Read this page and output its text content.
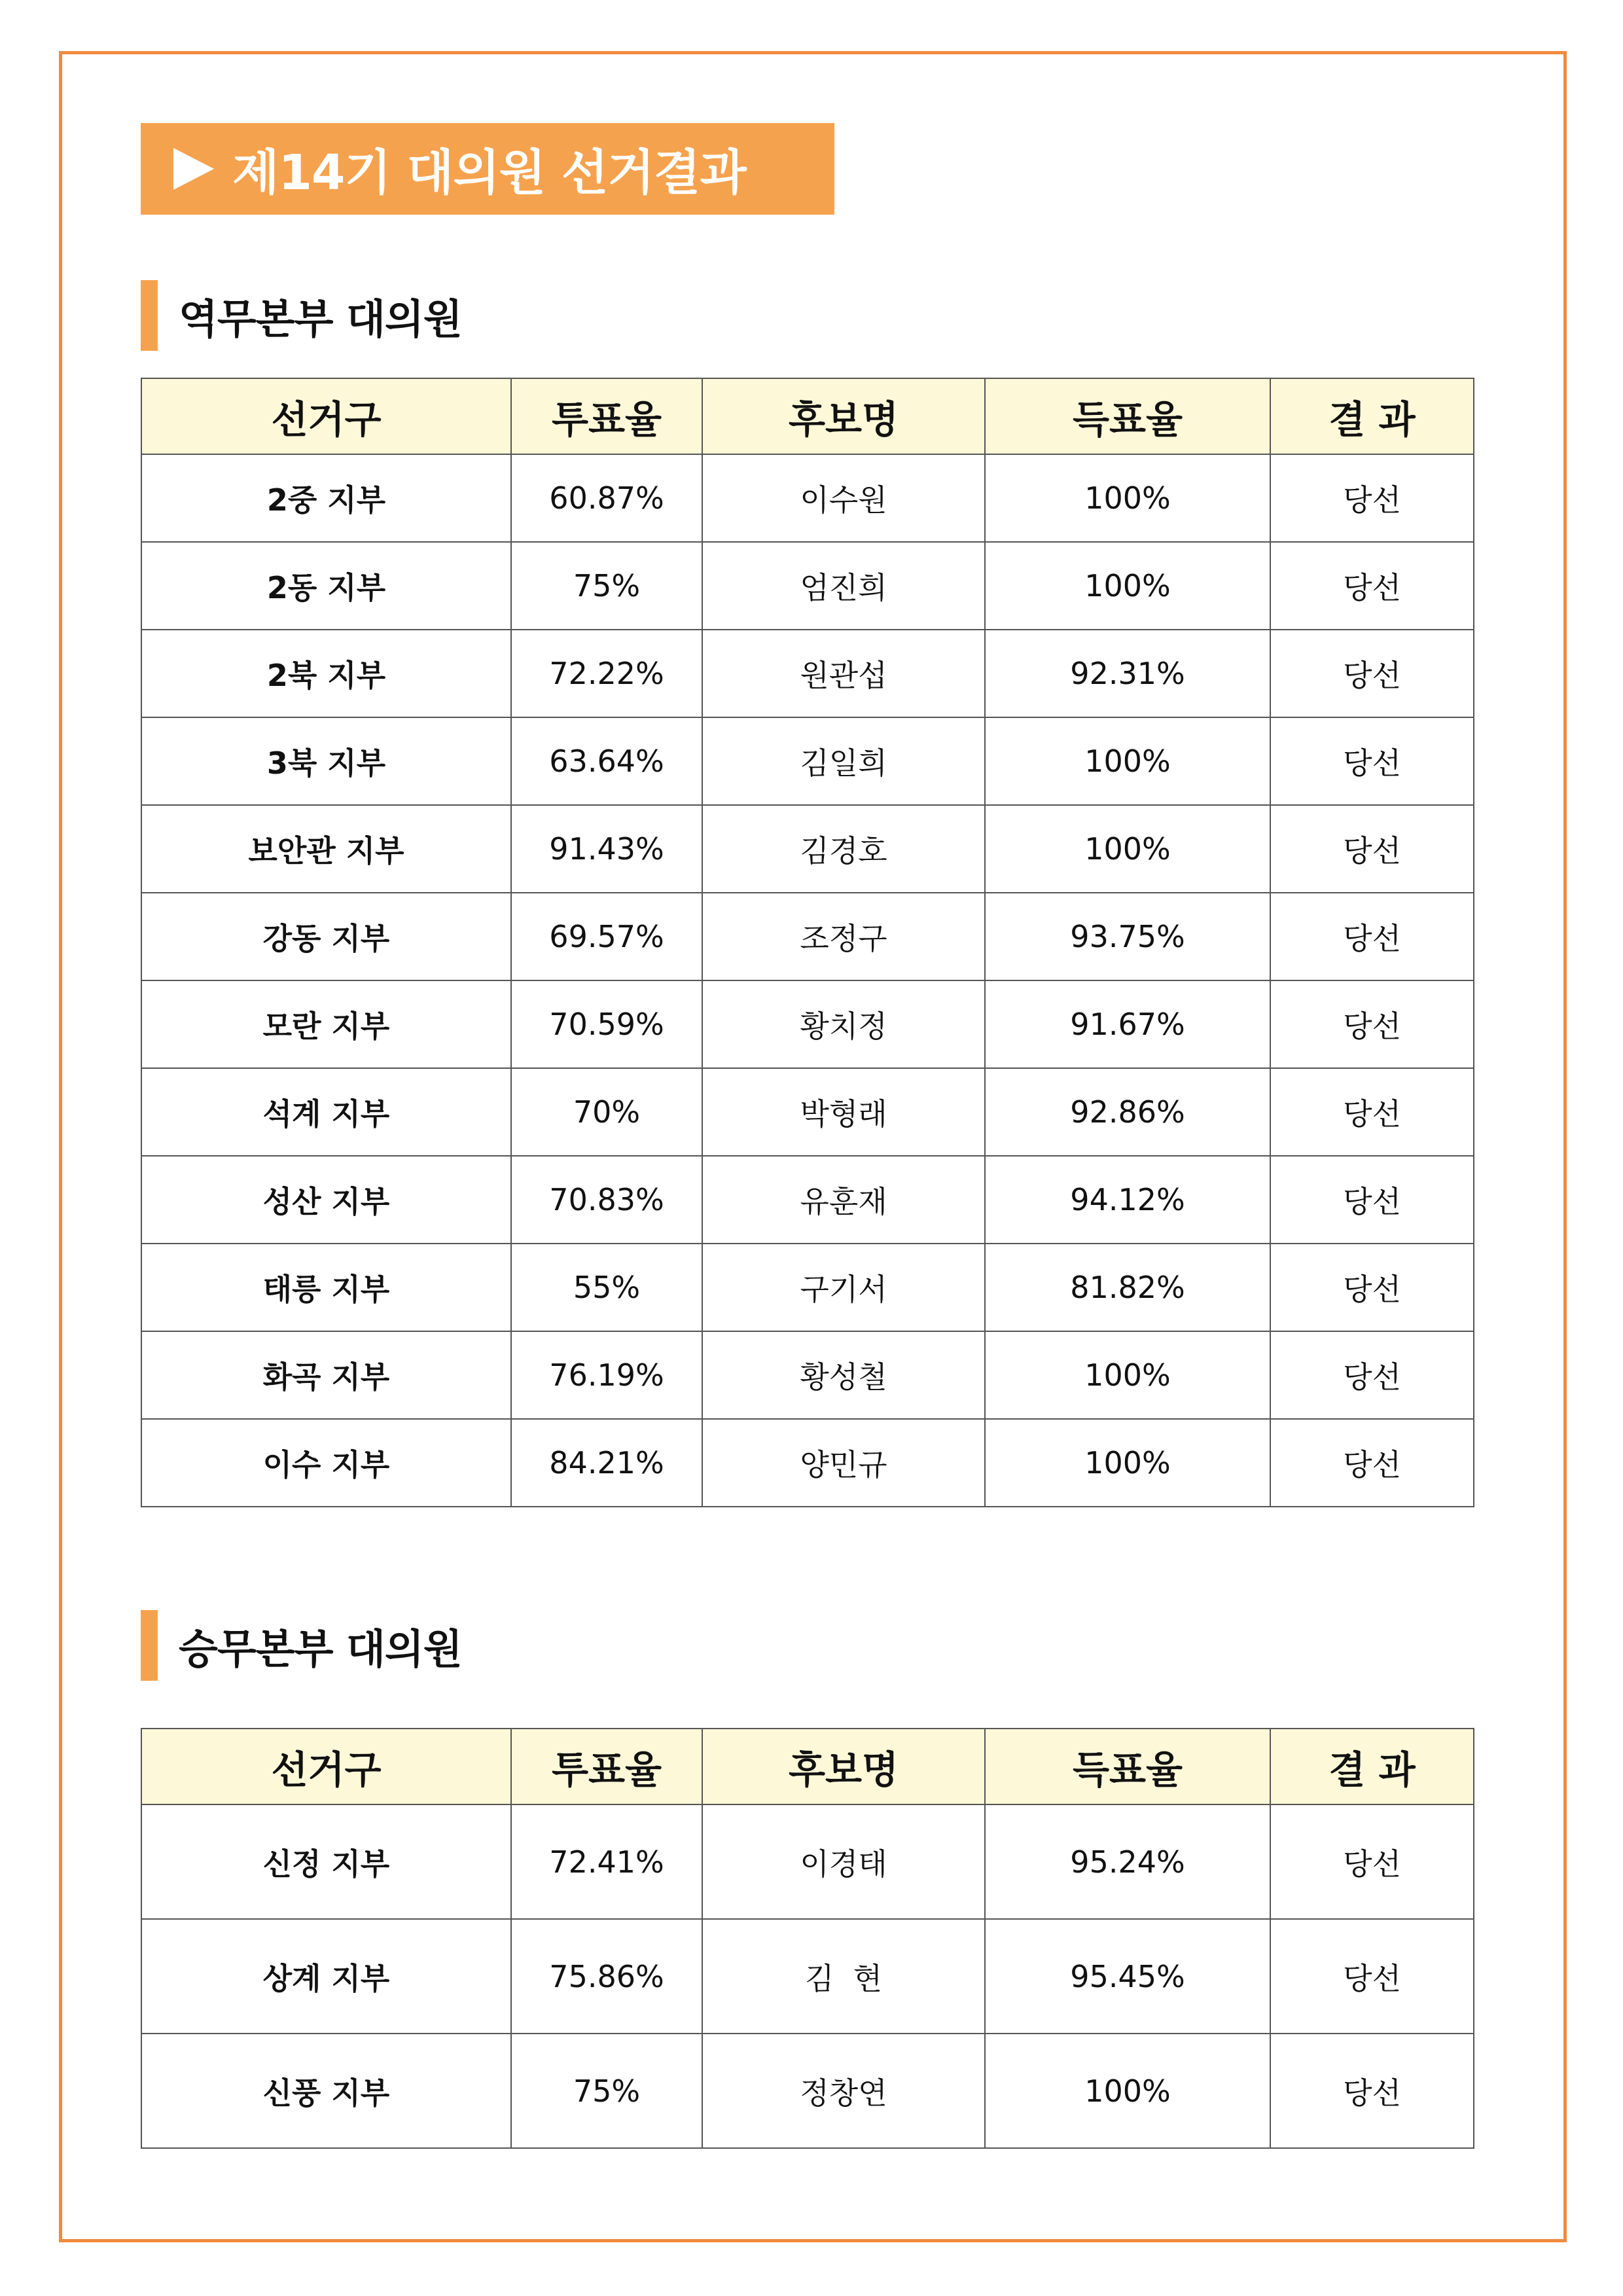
제14기 대의원 선거결과
역무본부 대의원
선거구	투표율	후보명	득표율	결 과
2중 지부	60.87%	이수원	100%	당선
2동 지부	75%	엄진희	100%	당선
2북 지부	72.22%	원관섭	92.31%	당선
3북 지부	63.64%	김일희	100%	당선
보안관 지부	91.43%	김경호	100%	당선
강동 지부	69.57%	조정구	93.75%	당선
모란 지부	70.59%	황치정	91.67%	당선
석계 지부	70%	박형래	92.86%	당선
성산 지부	70.83%	유훈재	94.12%	당선
태릉 지부	55%	구기서	81.82%	당선
화곡 지부	76.19%	황성철	100%	당선
이수 지부	84.21%	양민규	100%	당선
승무본부 대의원
선거구	투표율	후보명	득표율	결 과
신정 지부	72.41%	이경태	95.24%	당선
상계 지부	75.86%	김  현	95.45%	당선
신풍 지부	75%	정창연	100%	당선
